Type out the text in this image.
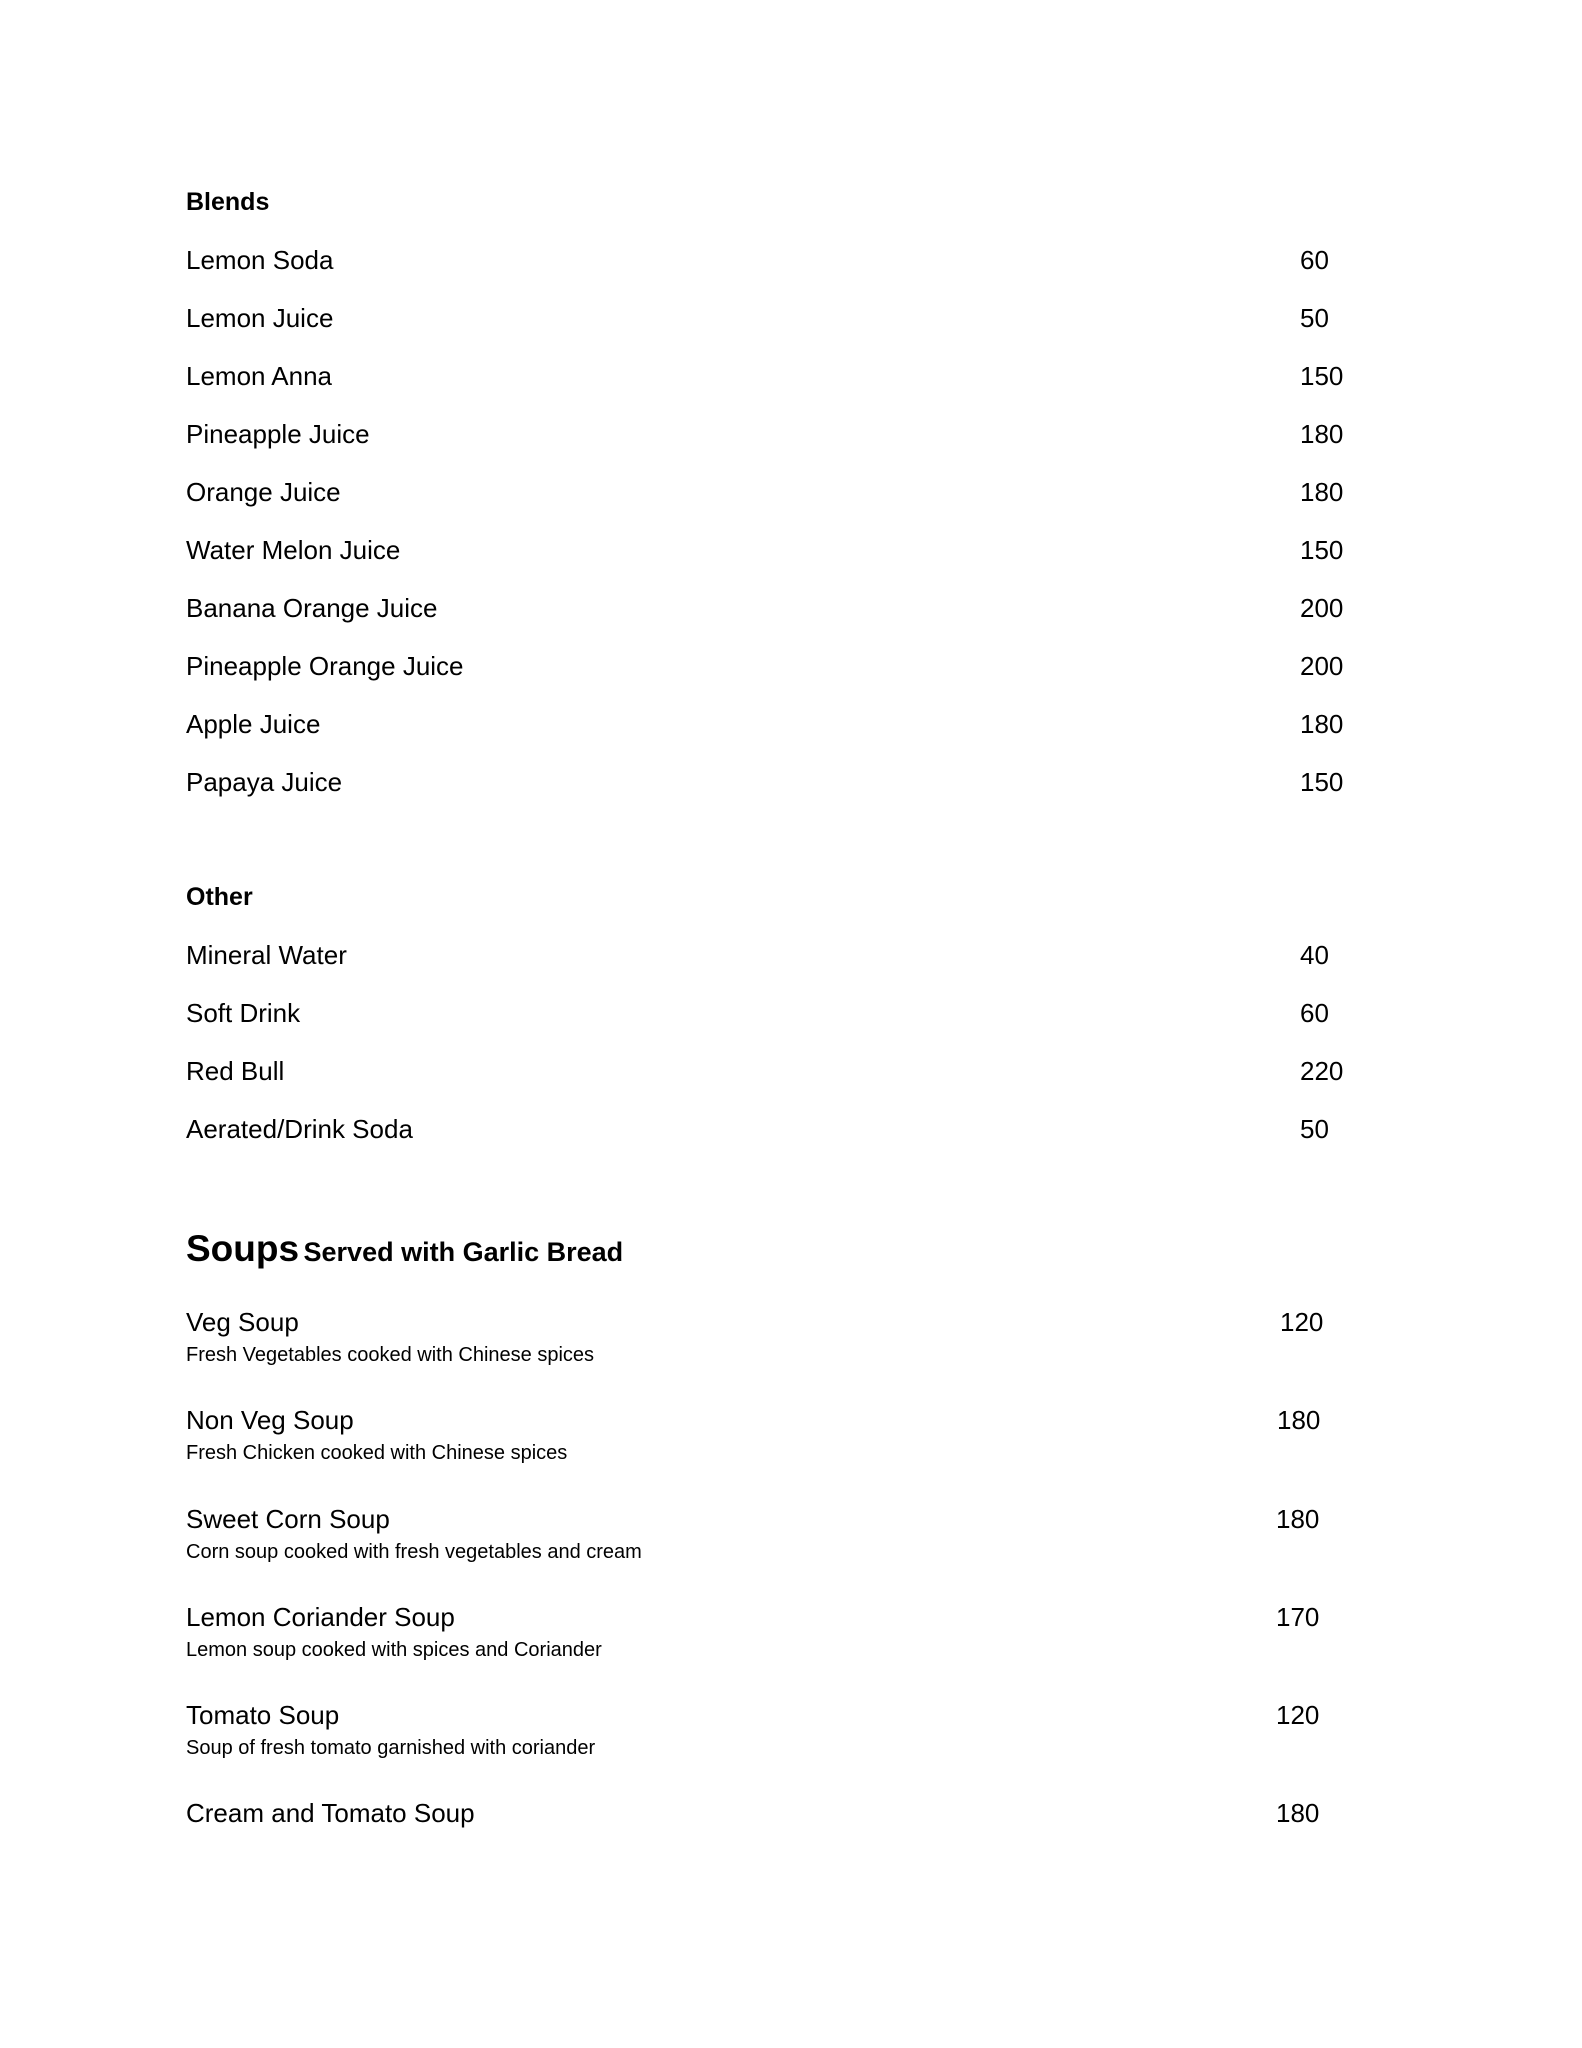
Blends
Lemon Soda	60
Lemon Juice	50
Lemon Anna	150
Pineapple Juice	180
Orange Juice	180
Water Melon Juice	150
Banana Orange Juice	200
Pineapple Orange Juice	200
Apple Juice	180
Papaya Juice	150
Other
Mineral Water	40
Soft Drink	60
Red Bull	220
Aerated/Drink Soda	50
Soups Served with Garlic Bread
Veg Soup	120
Fresh Vegetables cooked with Chinese spices
Non Veg Soup	180
Fresh Chicken cooked with Chinese spices
Sweet Corn Soup	180
Corn soup cooked with fresh vegetables and cream
Lemon Coriander Soup	170
Lemon soup cooked with spices and Coriander
Tomato Soup	120
Soup of fresh tomato garnished with coriander
Cream and Tomato Soup	180
